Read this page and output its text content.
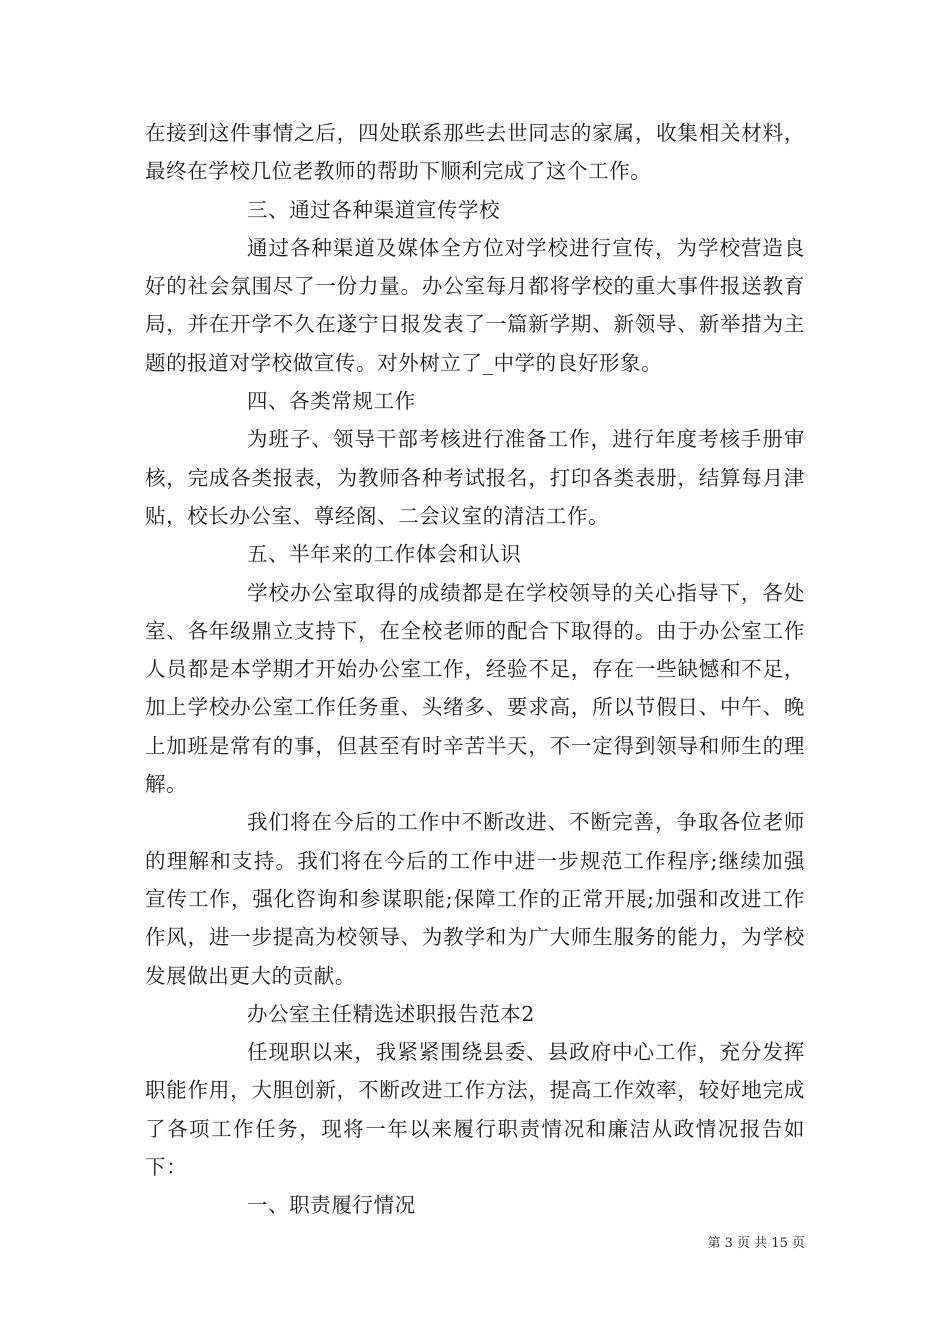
在接到这件事情之后，四处联系那些去世同志的家属，收集相关材料，最终在学校几位老教师的帮助下顺利完成了这个工作。

三、通过各种渠道宣传学校

通过各种渠道及媒体全方位对学校进行宣传，为学校营造良好的社会氛围尽了一份力量。办公室每月都将学校的重大事件报送教育局，并在开学不久在遂宁日报发表了一篇新学期、新领导、新举措为主题的报道对学校做宣传。对外树立了_中学的良好形象。

四、各类常规工作

为班子、领导干部考核进行准备工作，进行年度考核手册审核，完成各类报表，为教师各种考试报名，打印各类表册，结算每月津贴，校长办公室、尊经阁、二会议室的清洁工作。

五、半年来的工作体会和认识

学校办公室取得的成绩都是在学校领导的关心指导下，各处室、各年级鼎立支持下，在全校老师的配合下取得的。由于办公室工作人员都是本学期才开始办公室工作，经验不足，存在一些缺憾和不足，加上学校办公室工作任务重、头绪多、要求高，所以节假日、中午、晚上加班是常有的事，但甚至有时辛苦半天，不一定得到领导和师生的理解。

我们将在今后的工作中不断改进、不断完善，争取各位老师的理解和支持。我们将在今后的工作中进一步规范工作程序;继续加强宣传工作，强化咨询和参谋职能;保障工作的正常开展;加强和改进工作作风，进一步提高为校领导、为教学和为广大师生服务的能力，为学校发展做出更大的贡献。

办公室主任精选述职报告范本2

任现职以来，我紧紧围绕县委、县政府中心工作，充分发挥职能作用，大胆创新，不断改进工作方法，提高工作效率，较好地完成了各项工作任务，现将一年以来履行职责情况和廉洁从政情况报告如下：

一、职责履行情况

第 3 页 共 15 页
